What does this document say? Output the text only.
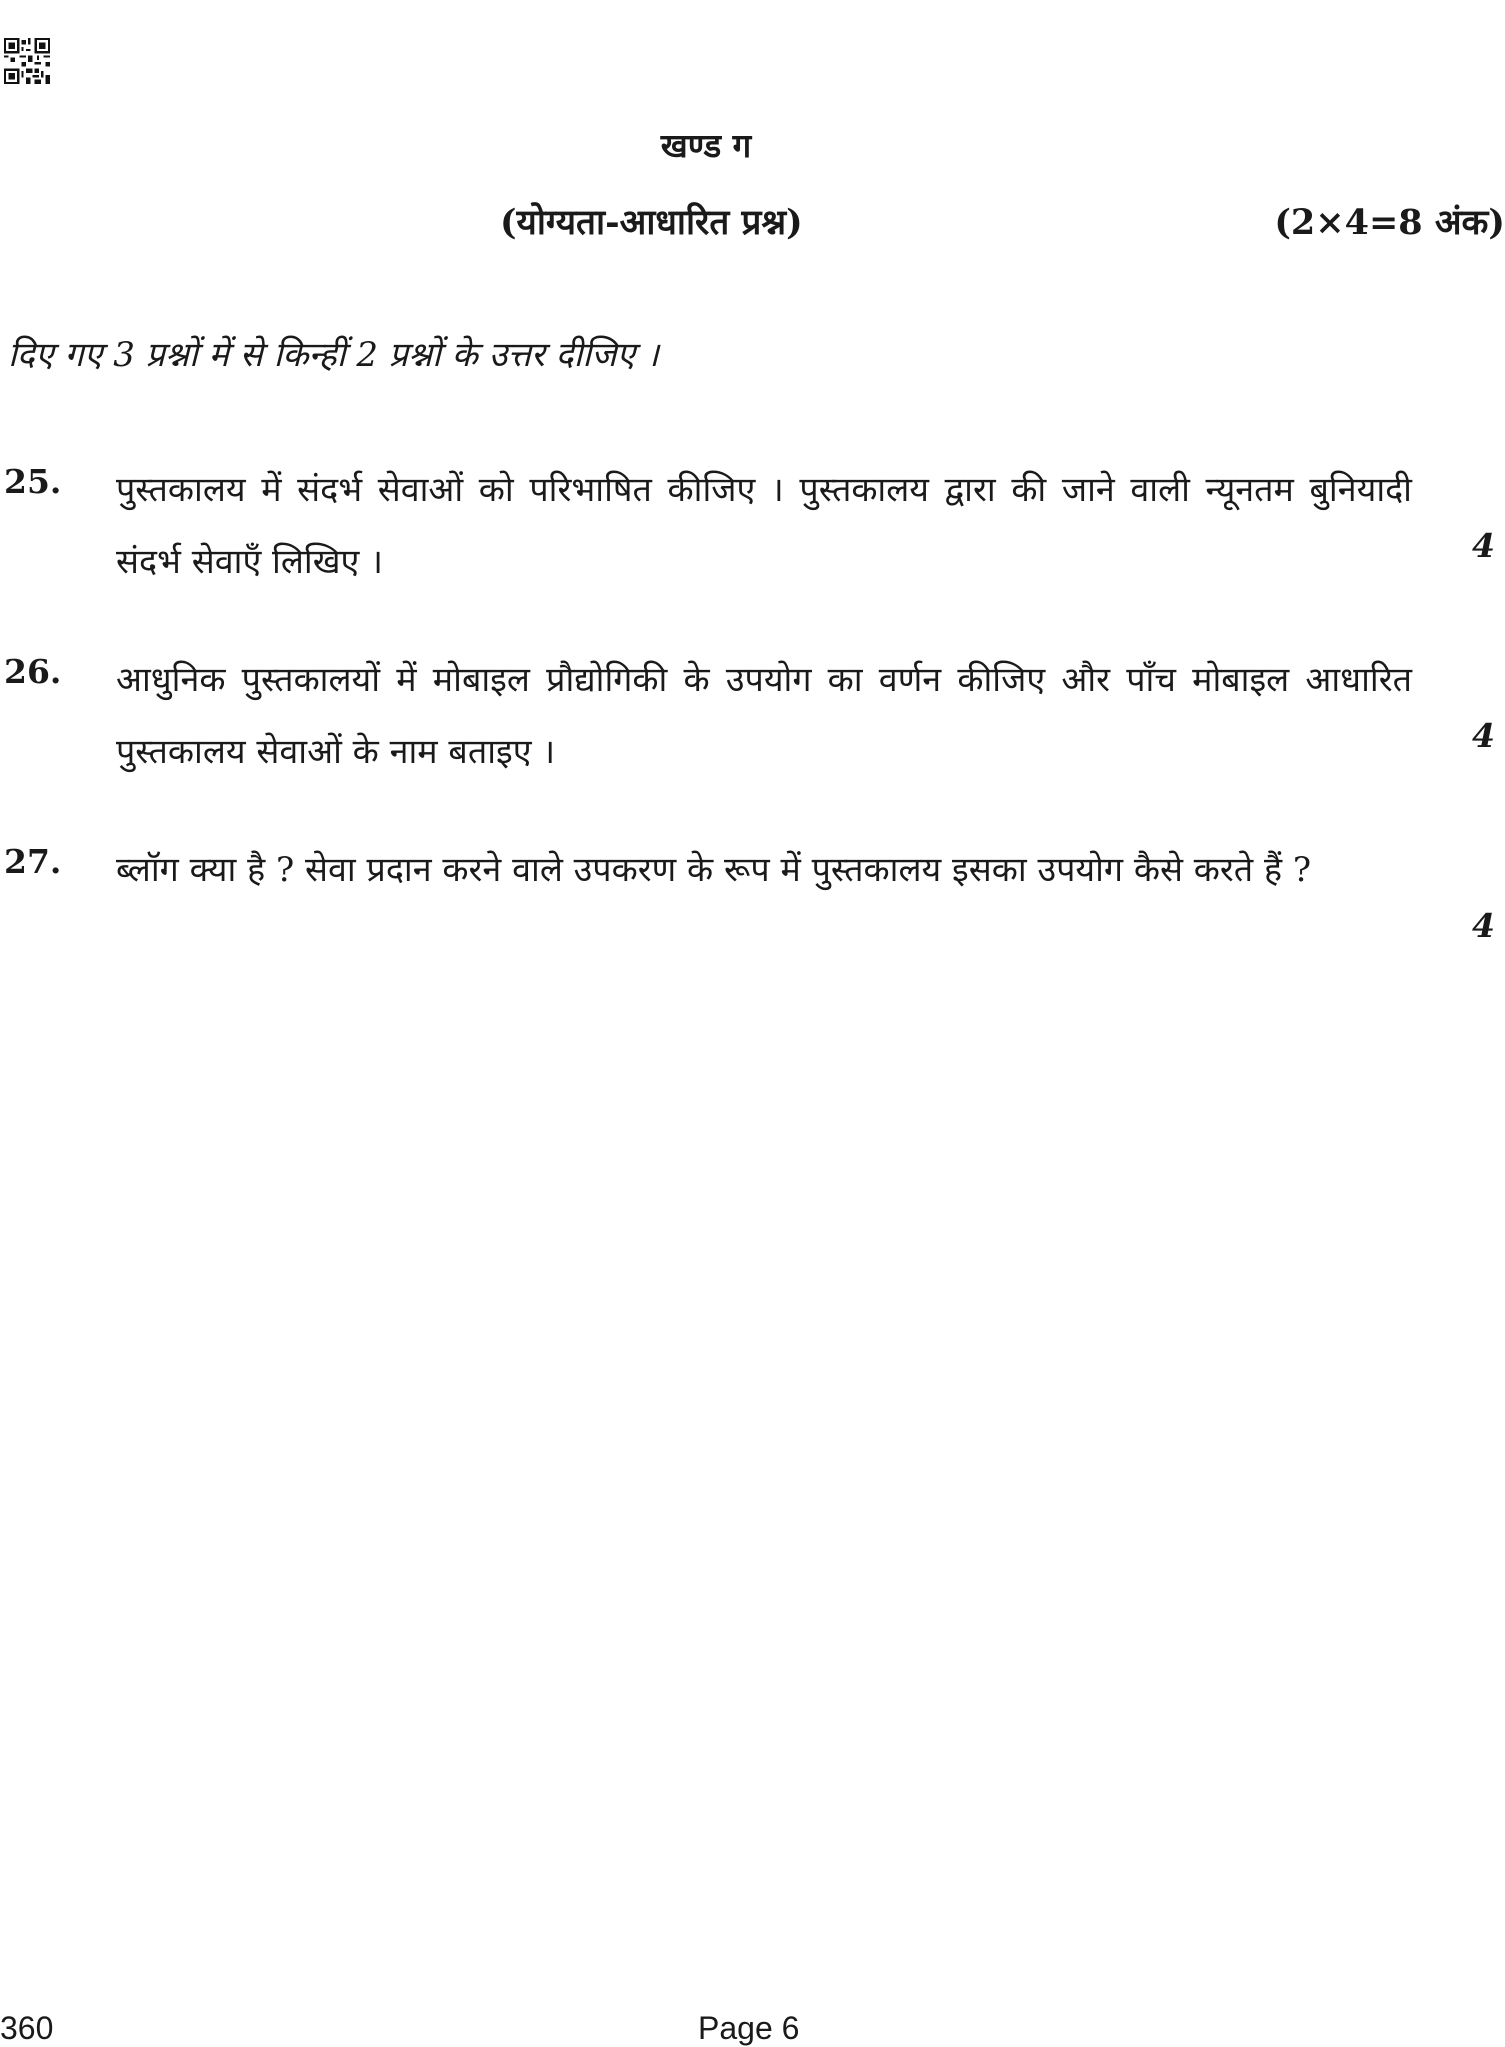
खण्ड ग
(योग्यता-आधारित प्रश्न)	(2×4=8 अंक)
दिए गए 3 प्रश्नों में से किन्हीं 2 प्रश्नों के उत्तर दीजिए ।
25. पुस्तकालय में संदर्भ सेवाओं को परिभाषित कीजिए । पुस्तकालय द्वारा की जाने वाली न्यूनतम बुनियादी संदर्भ सेवाएँ लिखिए ।	4
26. आधुनिक पुस्तकालयों में मोबाइल प्रौद्योगिकी के उपयोग का वर्णन कीजिए और पाँच मोबाइल आधारित पुस्तकालय सेवाओं के नाम बताइए ।	4
27. ब्लॉग क्या है ? सेवा प्रदान करने वाले उपकरण के रूप में पुस्तकालय इसका उपयोग कैसे करते हैं ?
4
360	Page 6
